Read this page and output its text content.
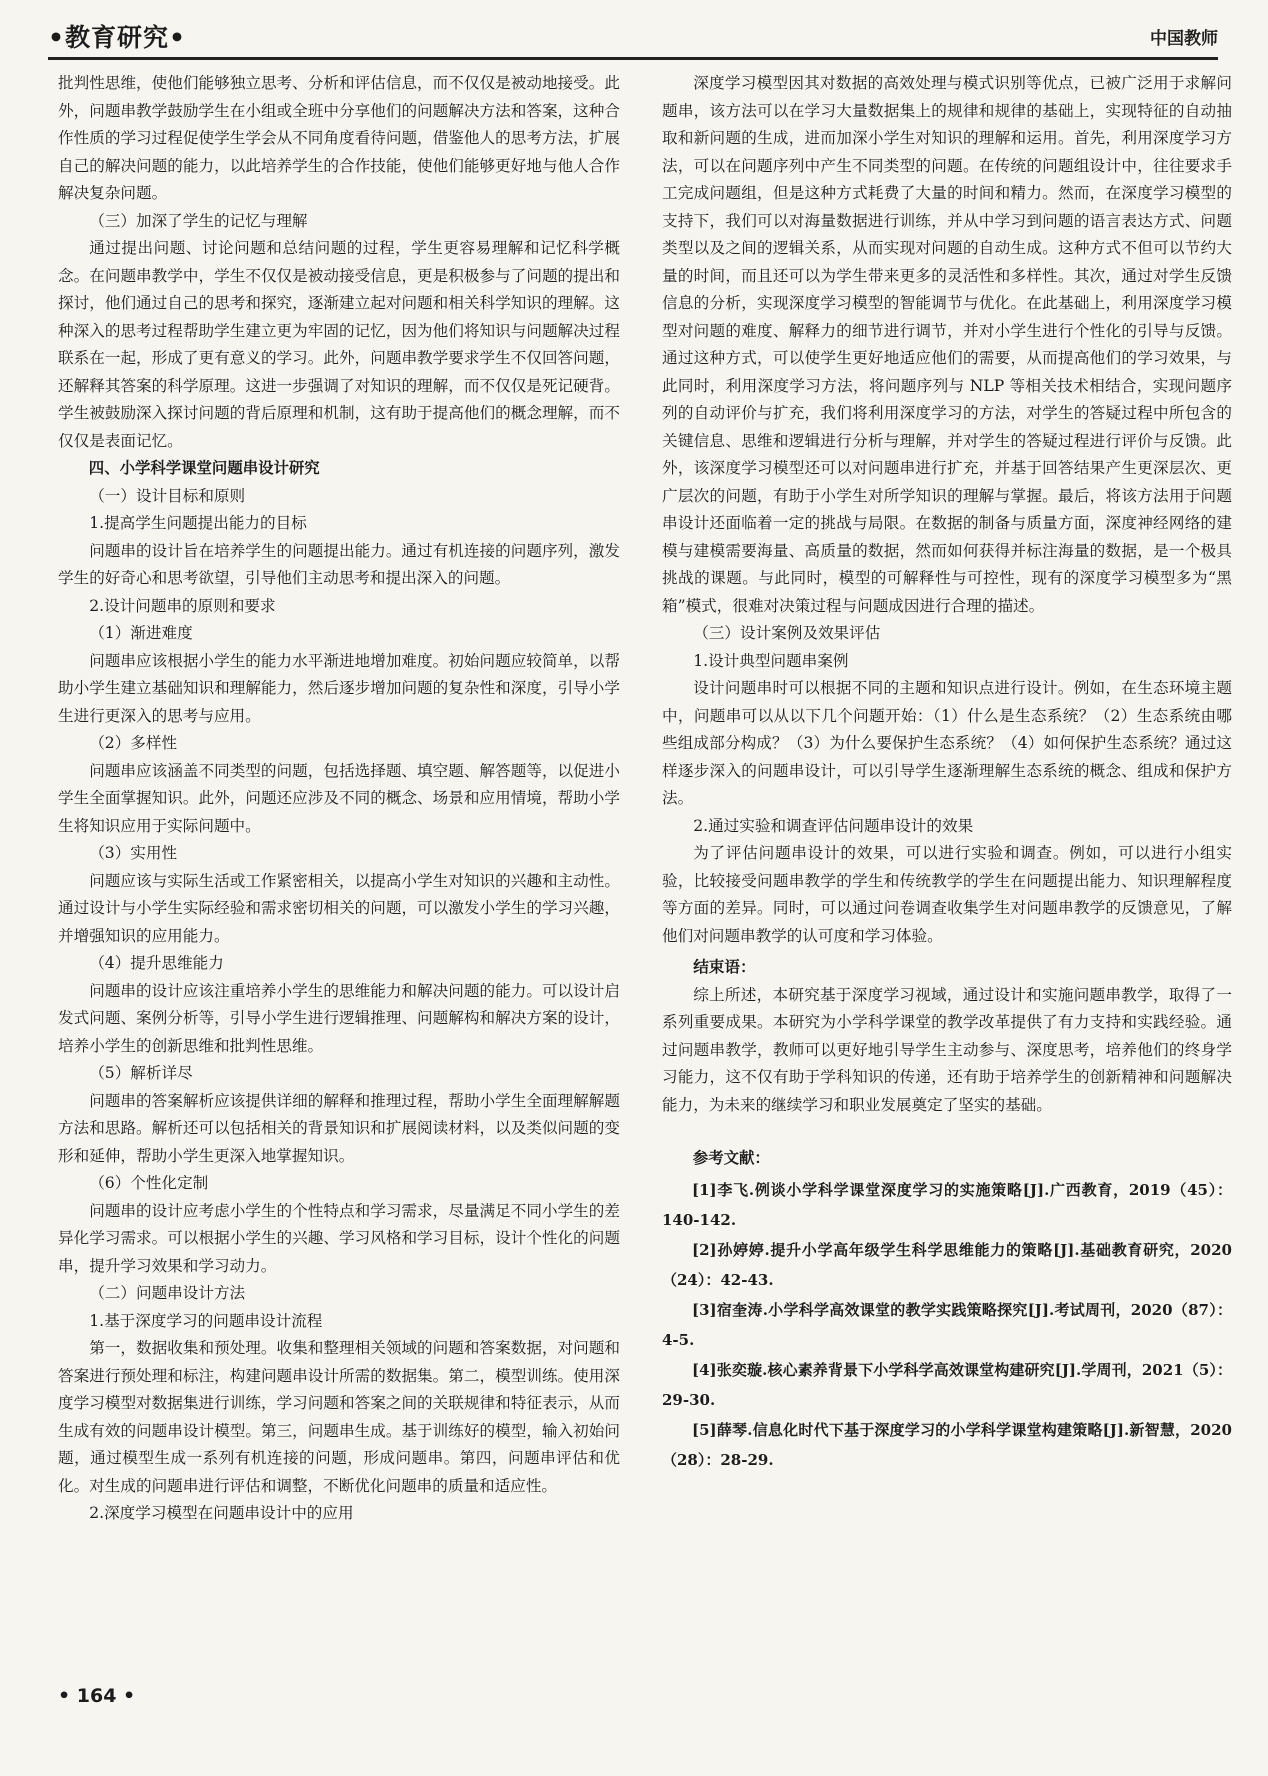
•教育研究•	中国教师

批判性思维，使他们能够独立思考、分析和评估信息，而不仅仅是被动地接受。此外，问题串教学鼓励学生在小组或全班中分享他们的问题解决方法和答案，这种合作性质的学习过程促使学生学会从不同角度看待问题，借鉴他人的思考方法，扩展自己的解决问题的能力，以此培养学生的合作技能，使他们能够更好地与他人合作解决复杂问题。

（三）加深了学生的记忆与理解

通过提出问题、讨论问题和总结问题的过程，学生更容易理解和记忆科学概念。在问题串教学中，学生不仅仅是被动接受信息，更是积极参与了问题的提出和探讨，他们通过自己的思考和探究，逐渐建立起对问题和相关科学知识的理解。这种深入的思考过程帮助学生建立更为牢固的记忆，因为他们将知识与问题解决过程联系在一起，形成了更有意义的学习。此外，问题串教学要求学生不仅回答问题，还解释其答案的科学原理。这进一步强调了对知识的理解，而不仅仅是死记硬背。学生被鼓励深入探讨问题的背后原理和机制，这有助于提高他们的概念理解，而不仅仅是表面记忆。

四、小学科学课堂问题串设计研究

（一）设计目标和原则

1.提高学生问题提出能力的目标

问题串的设计旨在培养学生的问题提出能力。通过有机连接的问题序列，激发学生的好奇心和思考欲望，引导他们主动思考和提出深入的问题。

2.设计问题串的原则和要求

（1）渐进难度

问题串应该根据小学生的能力水平渐进地增加难度。初始问题应较简单，以帮助小学生建立基础知识和理解能力，然后逐步增加问题的复杂性和深度，引导小学生进行更深入的思考与应用。

（2）多样性

问题串应该涵盖不同类型的问题，包括选择题、填空题、解答题等，以促进小学生全面掌握知识。此外，问题还应涉及不同的概念、场景和应用情境，帮助小学生将知识应用于实际问题中。

（3）实用性

问题应该与实际生活或工作紧密相关，以提高小学生对知识的兴趣和主动性。通过设计与小学生实际经验和需求密切相关的问题，可以激发小学生的学习兴趣，并增强知识的应用能力。

（4）提升思维能力

问题串的设计应该注重培养小学生的思维能力和解决问题的能力。可以设计启发式问题、案例分析等，引导小学生进行逻辑推理、问题解构和解决方案的设计，培养小学生的创新思维和批判性思维。

（5）解析详尽

问题串的答案解析应该提供详细的解释和推理过程，帮助小学生全面理解解题方法和思路。解析还可以包括相关的背景知识和扩展阅读材料，以及类似问题的变形和延伸，帮助小学生更深入地掌握知识。

（6）个性化定制

问题串的设计应考虑小学生的个性特点和学习需求，尽量满足不同小学生的差异化学习需求。可以根据小学生的兴趣、学习风格和学习目标，设计个性化的问题串，提升学习效果和学习动力。

（二）问题串设计方法

1.基于深度学习的问题串设计流程

第一，数据收集和预处理。收集和整理相关领域的问题和答案数据，对问题和答案进行预处理和标注，构建问题串设计所需的数据集。第二，模型训练。使用深度学习模型对数据集进行训练，学习问题和答案之间的关联规律和特征表示，从而生成有效的问题串设计模型。第三，问题串生成。基于训练好的模型，输入初始问题，通过模型生成一系列有机连接的问题，形成问题串。第四，问题串评估和优化。对生成的问题串进行评估和调整，不断优化问题串的质量和适应性。

2.深度学习模型在问题串设计中的应用

深度学习模型因其对数据的高效处理与模式识别等优点，已被广泛用于求解问题串，该方法可以在学习大量数据集上的规律和规律的基础上，实现特征的自动抽取和新问题的生成，进而加深小学生对知识的理解和运用。首先，利用深度学习方法，可以在问题序列中产生不同类型的问题。在传统的问题组设计中，往往要求手工完成问题组，但是这种方式耗费了大量的时间和精力。然而，在深度学习模型的支持下，我们可以对海量数据进行训练，并从中学习到问题的语言表达方式、问题类型以及之间的逻辑关系，从而实现对问题的自动生成。这种方式不但可以节约大量的时间，而且还可以为学生带来更多的灵活性和多样性。其次，通过对学生反馈信息的分析，实现深度学习模型的智能调节与优化。在此基础上，利用深度学习模型对问题的难度、解释力的细节进行调节，并对小学生进行个性化的引导与反馈。通过这种方式，可以使学生更好地适应他们的需要，从而提高他们的学习效果，与此同时，利用深度学习方法，将问题序列与 NLP 等相关技术相结合，实现问题序列的自动评价与扩充，我们将利用深度学习的方法，对学生的答疑过程中所包含的关键信息、思维和逻辑进行分析与理解，并对学生的答疑过程进行评价与反馈。此外，该深度学习模型还可以对问题串进行扩充，并基于回答结果产生更深层次、更广层次的问题，有助于小学生对所学知识的理解与掌握。最后，将该方法用于问题串设计还面临着一定的挑战与局限。在数据的制备与质量方面，深度神经网络的建模与建模需要海量、高质量的数据，然而如何获得并标注海量的数据，是一个极具挑战的课题。与此同时，模型的可解释性与可控性，现有的深度学习模型多为“黑箱”模式，很难对决策过程与问题成因进行合理的描述。

（三）设计案例及效果评估

1.设计典型问题串案例

设计问题串时可以根据不同的主题和知识点进行设计。例如，在生态环境主题中，问题串可以从以下几个问题开始：（1）什么是生态系统？（2）生态系统由哪些组成部分构成？（3）为什么要保护生态系统？（4）如何保护生态系统？通过这样逐步深入的问题串设计，可以引导学生逐渐理解生态系统的概念、组成和保护方法。

2.通过实验和调查评估问题串设计的效果

为了评估问题串设计的效果，可以进行实验和调查。例如，可以进行小组实验，比较接受问题串教学的学生和传统教学的学生在问题提出能力、知识理解程度等方面的差异。同时，可以通过问卷调查收集学生对问题串教学的反馈意见，了解他们对问题串教学的认可度和学习体验。

结束语：

综上所述，本研究基于深度学习视域，通过设计和实施问题串教学，取得了一系列重要成果。本研究为小学科学课堂的教学改革提供了有力支持和实践经验。通过问题串教学，教师可以更好地引导学生主动参与、深度思考，培养他们的终身学习能力，这不仅有助于学科知识的传递，还有助于培养学生的创新精神和问题解决能力，为未来的继续学习和职业发展奠定了坚实的基础。

参考文献：

[1]李飞.例谈小学科学课堂深度学习的实施策略[J].广西教育，2019（45）：140-142.

[2]孙婷婷.提升小学高年级学生科学思维能力的策略[J].基础教育研究，2020（24）：42-43.

[3]宿奎涛.小学科学高效课堂的教学实践策略探究[J].考试周刊，2020（87）：4-5.

[4]张奕璇.核心素养背景下小学科学高效课堂构建研究[J].学周刊，2021（5）：29-30.

[5]薛琴.信息化时代下基于深度学习的小学科学课堂构建策略[J].新智慧，2020（28）：28-29.

• 164 •
